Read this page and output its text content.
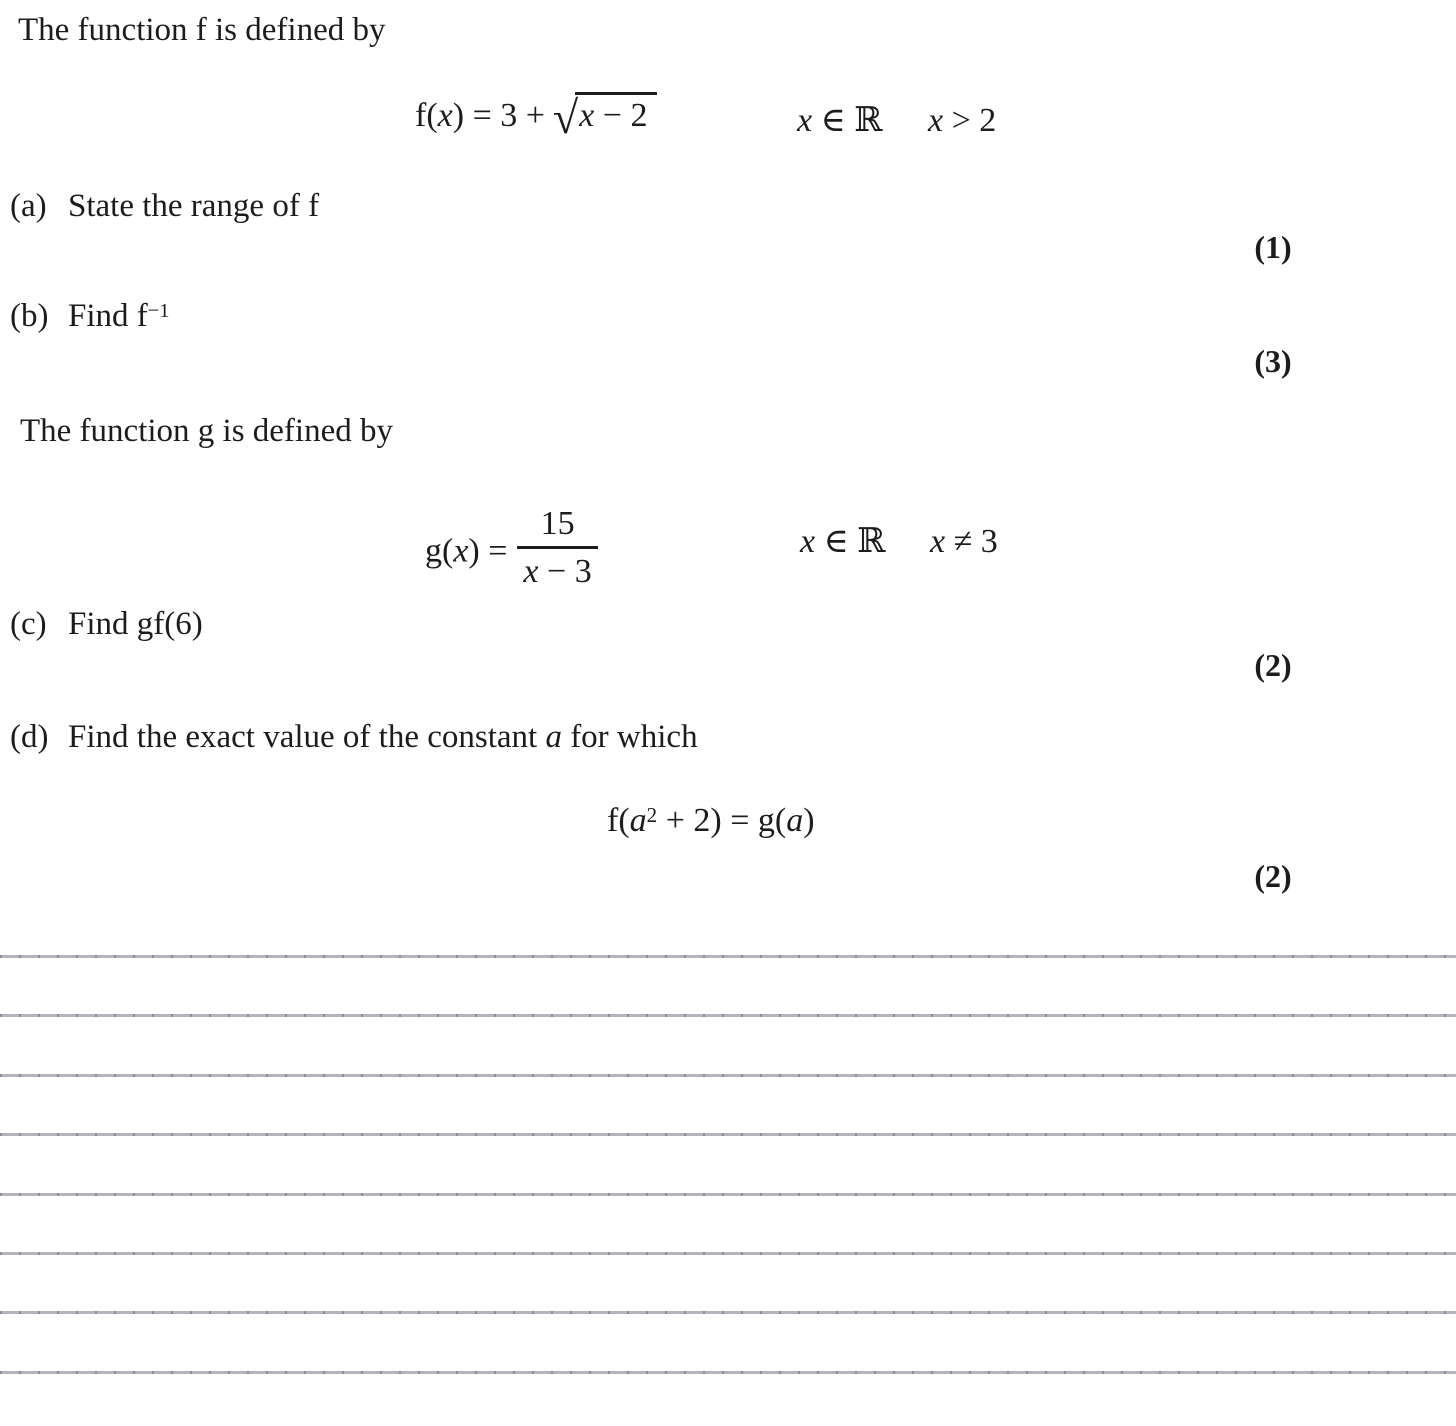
The function f is defined by

f(x) = 3 + √ x − 2	x ∈ ℝ x > 2

(a) State the range of f

(1)

(b) Find $f^{-1}$

(3)

The function g is defined by

$g(x) = \frac{15}{x - 3}$	x ∈ ℝ x ≠ 3

(c) Find gf(6)

(2)

(d) Find the exact value of the constant a for which

$f(a^2 + 2) = g(a)$
(2)
